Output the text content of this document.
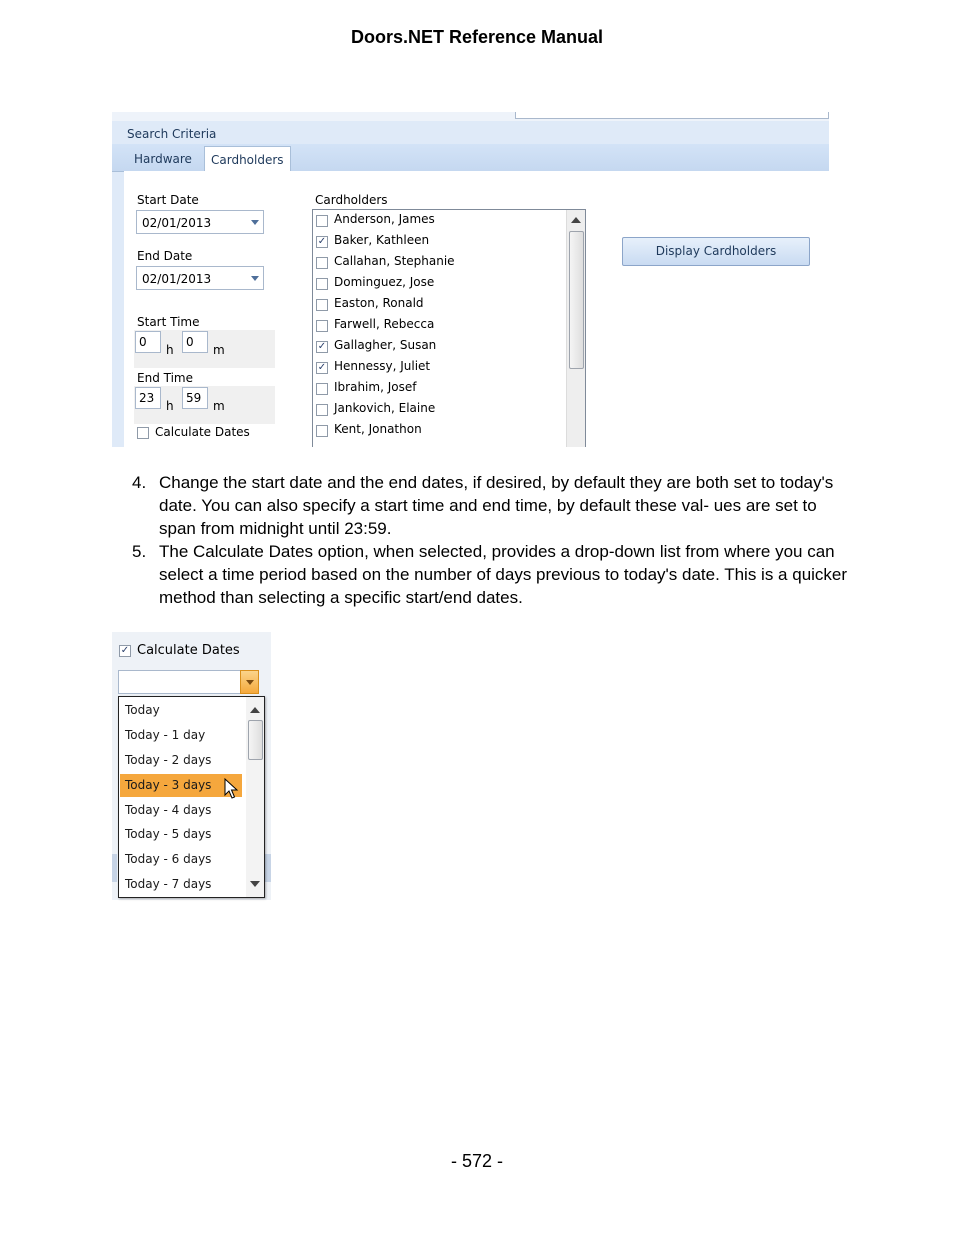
Doors.NET Reference Manual
Search Criteria
Hardware	Cardholders
Start Date
02/01/2013
End Date
02/01/2013
Start Time
0
h
0
m
End Time
23
h
59
m
Calculate Dates
Cardholders
Anderson, James
✓ Baker, Kathleen
Callahan, Stephanie
Dominguez, Jose
Easton, Ronald
Farwell, Rebecca
✓ Gallagher, Susan
✓ Hennessy, Juliet
Ibrahim, Josef
Jankovich, Elaine
Kent, Jonathon
Display Cardholders
4. Change the start date and the end dates, if desired, by default they are both set to today's date. You can also specify a start time and end time, by default these val- ues are set to span from midnight until 23:59.
5. The Calculate Dates option, when selected, provides a drop-down list from where you can select a time period based on the number of days previous to today's date. This is a quicker method than selecting a specific start/end dates.
✓ Calculate Dates
Today
Today - 1 day
Today - 2 days
Today - 3 days
Today - 4 days
Today - 5 days
Today - 6 days
Today - 7 days
- 572 -
